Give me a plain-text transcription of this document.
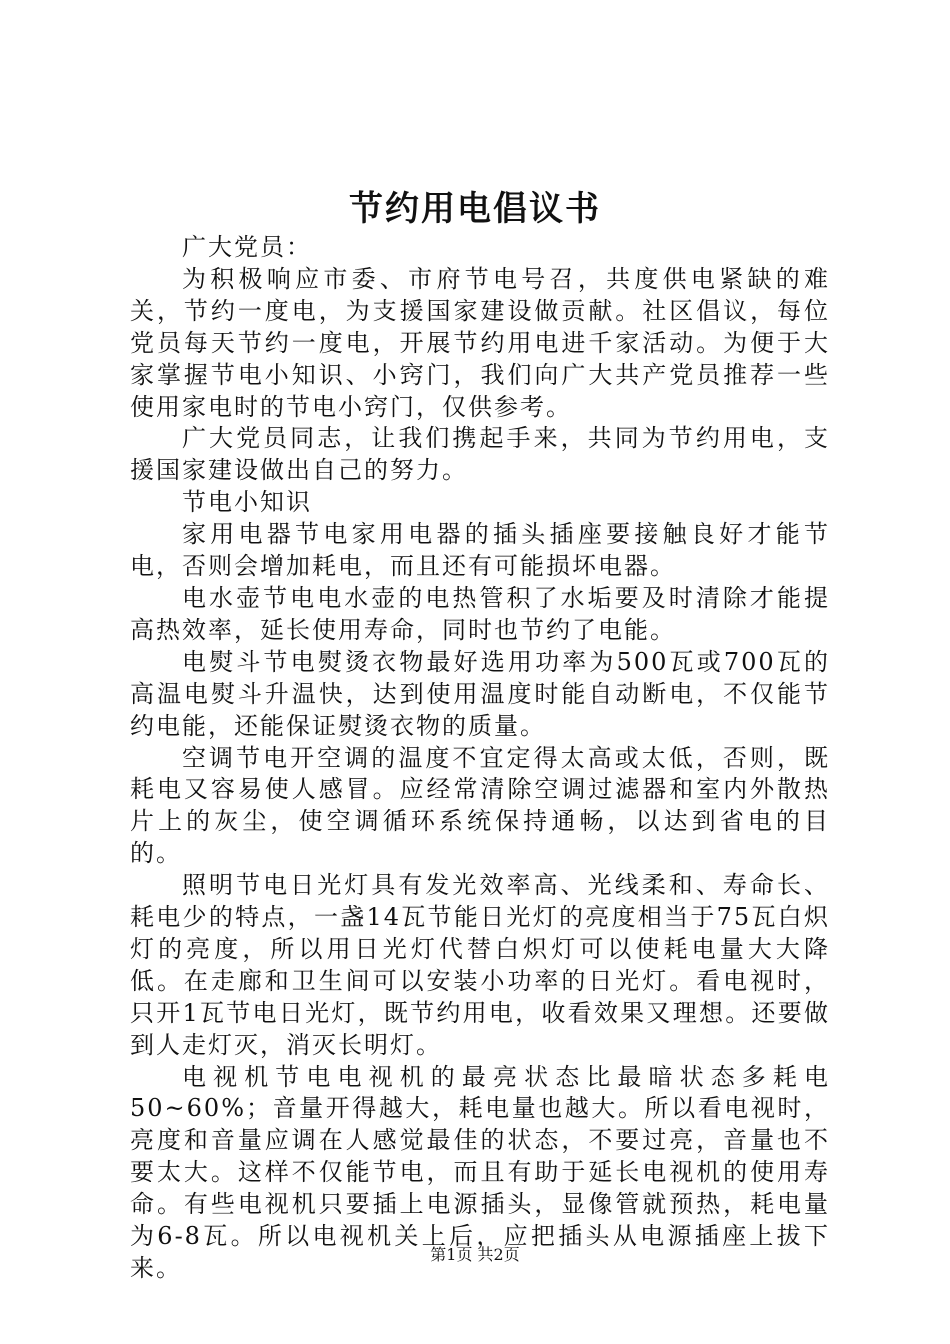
节约用电倡议书

广大党员：

为积极响应市委、市府节电号召，共度供电紧缺的难关，节约一度电，为支援国家建设做贡献。社区倡议，每位党员每天节约一度电，开展节约用电进千家活动。为便于大家掌握节电小知识、小窍门，我们向广大共产党员推荐一些使用家电时的节电小窍门，仅供参考。

广大党员同志，让我们携起手来，共同为节约用电，支援国家建设做出自己的努力。

节电小知识

家用电器节电家用电器的插头插座要接触良好才能节电，否则会增加耗电，而且还有可能损坏电器。

电水壶节电电水壶的电热管积了水垢要及时清除才能提高热效率，延长使用寿命，同时也节约了电能。

电熨斗节电熨烫衣物最好选用功率为500瓦或700瓦的高温电熨斗升温快，达到使用温度时能自动断电，不仅能节约电能，还能保证熨烫衣物的质量。

空调节电开空调的温度不宜定得太高或太低，否则，既耗电又容易使人感冒。应经常清除空调过滤器和室内外散热片上的灰尘，使空调循环系统保持通畅，以达到省电的目的。

照明节电日光灯具有发光效率高、光线柔和、寿命长、耗电少的特点，一盏14瓦节能日光灯的亮度相当于75瓦白炽灯的亮度，所以用日光灯代替白炽灯可以使耗电量大大降低。在走廊和卫生间可以安装小功率的日光灯。看电视时，只开1瓦节电日光灯，既节约用电，收看效果又理想。还要做到人走灯灭，消灭长明灯。

电视机节电电视机的最亮状态比最暗状态多耗电50~60%；音量开得越大，耗电量也越大。所以看电视时，亮度和音量应调在人感觉最佳的状态，不要过亮，音量也不要太大。这样不仅能节电，而且有助于延长电视机的使用寿命。有些电视机只要插上电源插头，显像管就预热，耗电量为6-8瓦。所以电视机关上后，应把插头从电源插座上拔下来。	第1页 共2页
